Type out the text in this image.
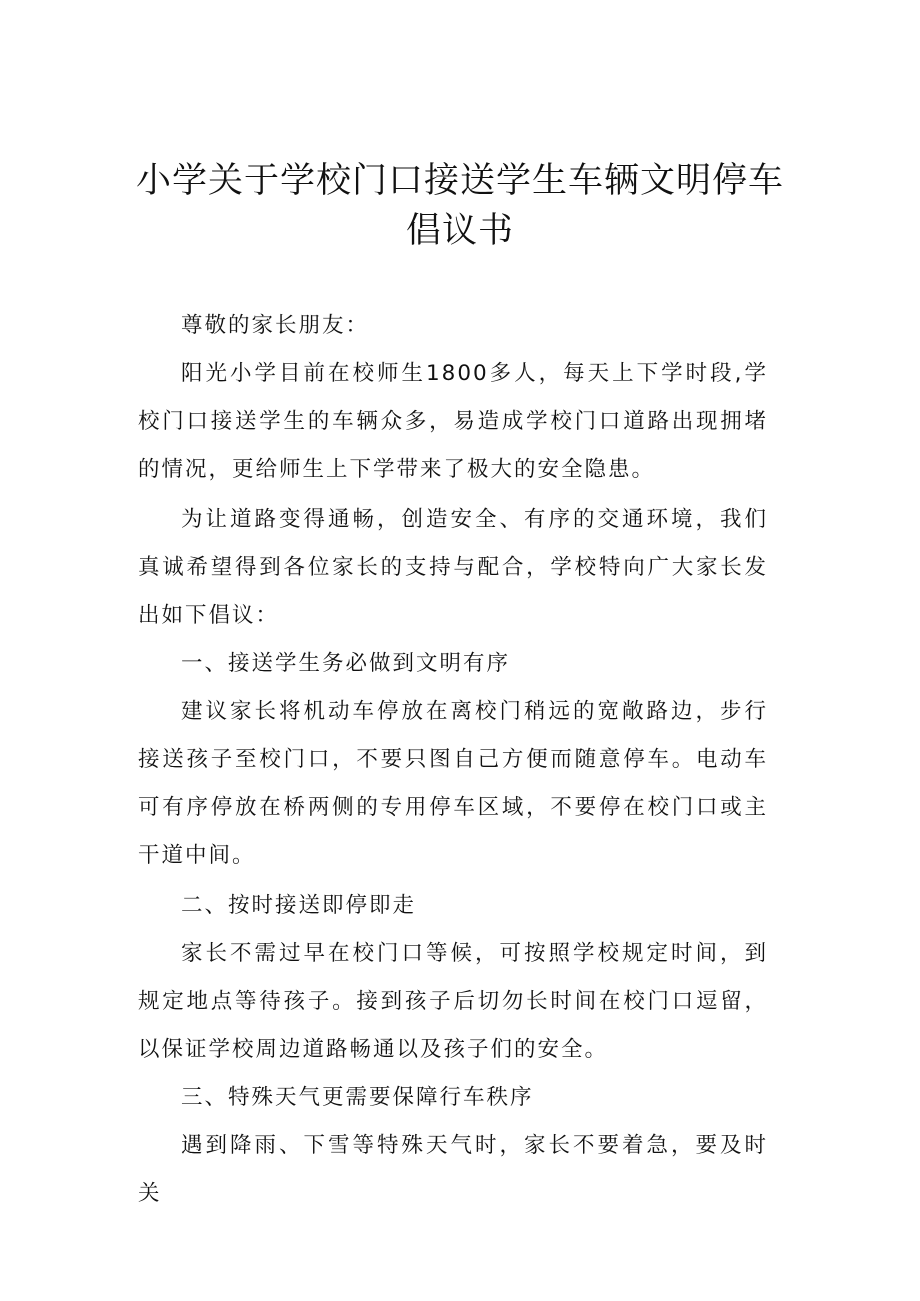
小学关于学校门口接送学生车辆文明停车
倡议书

尊敬的家长朋友：

阳光小学目前在校师生1800多人，每天上下学时段,学校门口接送学生的车辆众多，易造成学校门口道路出现拥堵的情况，更给师生上下学带来了极大的安全隐患。

为让道路变得通畅，创造安全、有序的交通环境，我们真诚希望得到各位家长的支持与配合，学校特向广大家长发出如下倡议：

一、接送学生务必做到文明有序

建议家长将机动车停放在离校门稍远的宽敞路边，步行接送孩子至校门口，不要只图自己方便而随意停车。电动车可有序停放在桥两侧的专用停车区域，不要停在校门口或主干道中间。

二、按时接送即停即走

家长不需过早在校门口等候，可按照学校规定时间，到规定地点等待孩子。接到孩子后切勿长时间在校门口逗留，以保证学校周边道路畅通以及孩子们的安全。

三、特殊天气更需要保障行车秩序

遇到降雨、下雪等特殊天气时，家长不要着急，要及时关
